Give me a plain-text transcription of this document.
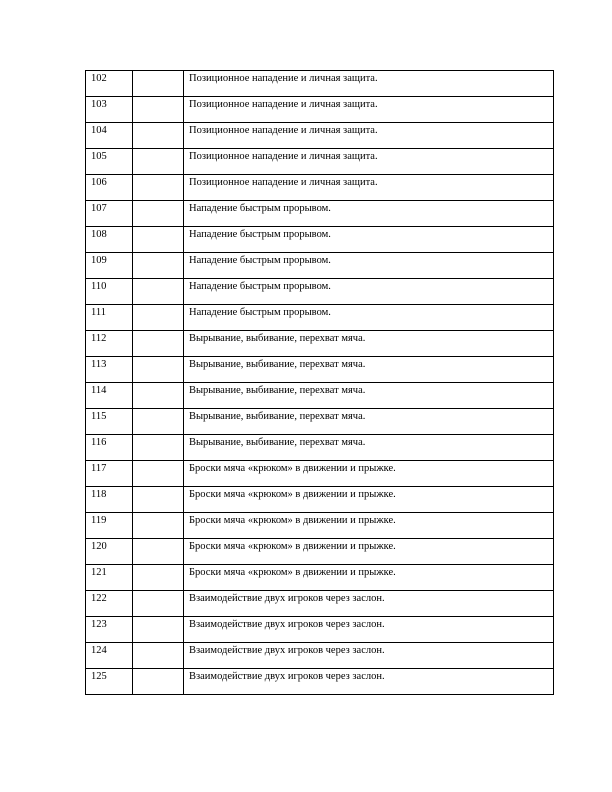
102		Позиционное нападение и личная защита.
103		Позиционное нападение и личная защита.
104		Позиционное нападение и личная защита.
105		Позиционное нападение и личная защита.
106		Позиционное нападение и личная защита.
107		Нападение быстрым прорывом.
108		Нападение быстрым прорывом.
109		Нападение быстрым прорывом.
110		Нападение быстрым прорывом.
111		Нападение быстрым прорывом.
112		Вырывание, выбивание, перехват мяча.
113		Вырывание, выбивание, перехват мяча.
114		Вырывание, выбивание, перехват мяча.
115		Вырывание, выбивание, перехват мяча.
116		Вырывание, выбивание, перехват мяча.
117		Броски мяча «крюком» в движении и прыжке.
118		Броски мяча «крюком» в движении и прыжке.
119		Броски мяча «крюком» в движении и прыжке.
120		Броски мяча «крюком» в движении и прыжке.
121		Броски мяча «крюком» в движении и прыжке.
122		Взаимодействие двух игроков через заслон.
123		Взаимодействие двух игроков через заслон.
124		Взаимодействие двух игроков через заслон.
125		Взаимодействие двух игроков через заслон.
